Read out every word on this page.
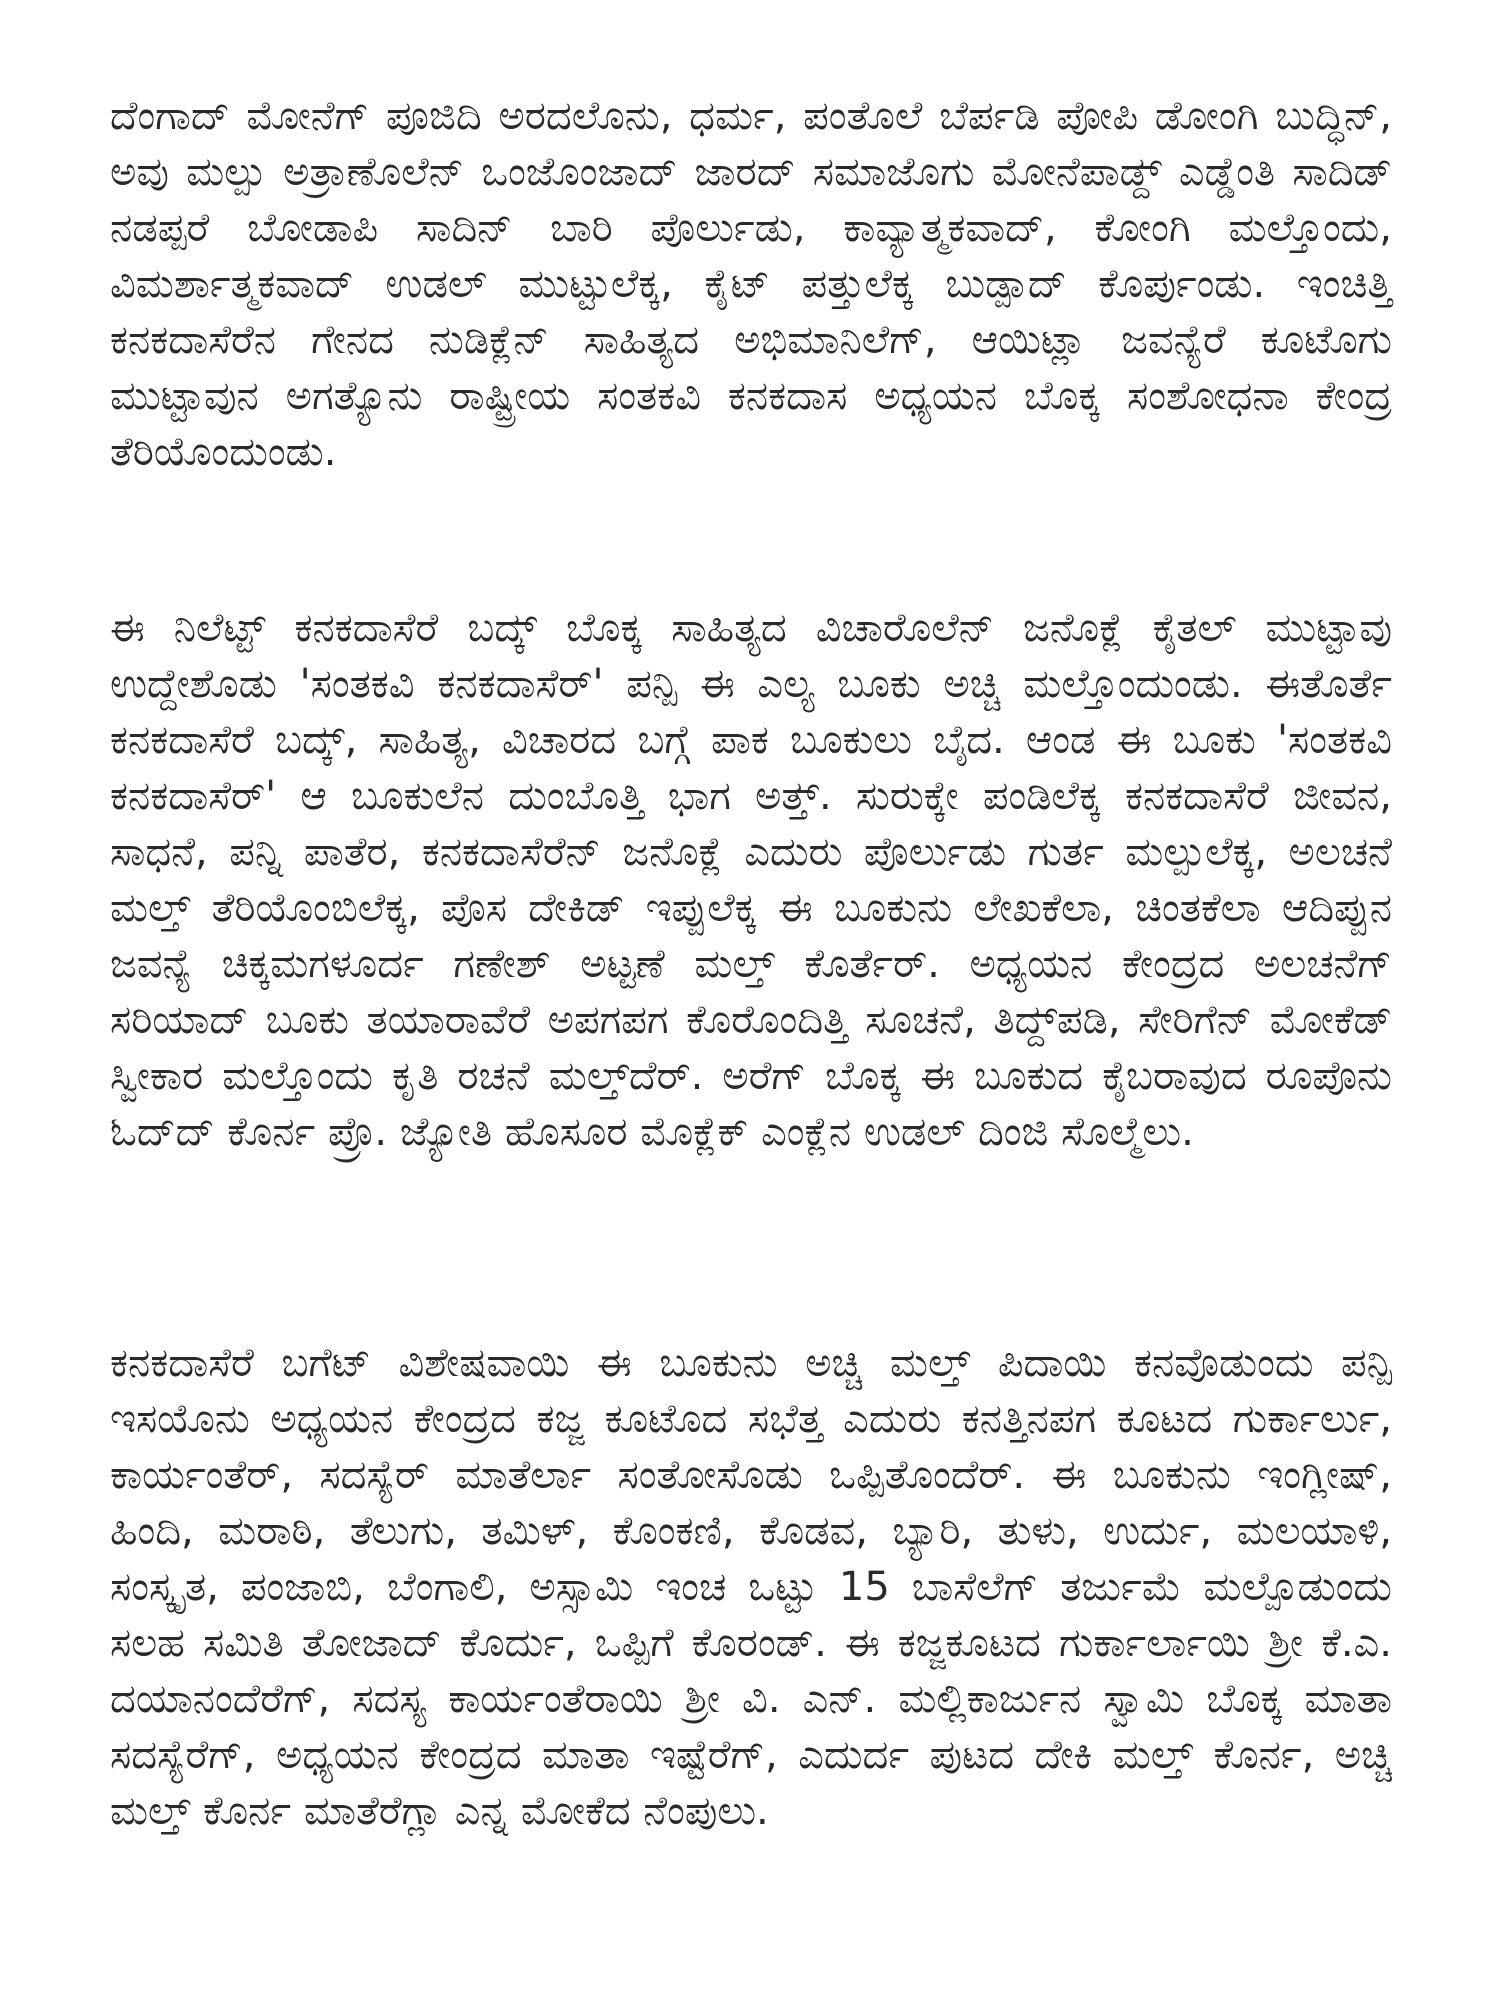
ದೆಂಗಾದ್ ಮೋನೆಗ್ ಪೂಜಿದಿ ಅರದಲೊನು, ಧರ್ಮ, ಪಂತೊಲೆ ಬೆರ್ಪಡಿ ಪೋಪಿ ಡೋಂಗಿ ಬುದ್ಧಿನ್, ಅವು ಮಲ್ಪು ಅತ್ರಾಣೊಲೆನ್ ಒಂಜೊಂಜಾದ್ ಜಾರದ್ ಸಮಾಜೊಗು ಮೋನೆಪಾಡ್ದ್ ಎಡ್ಡೆಂತಿ ಸಾದಿಡ್ ನಡಪ್ಪರೆ ಬೋಡಾಪಿ ಸಾದಿನ್ ಬಾರಿ ಪೊರ್ಲುಡು, ಕಾವ್ಯಾತ್ಮಕವಾದ್, ಕೋಂಗಿ ಮಲ್ತೊಂದು, ವಿಮರ್ಶಾತ್ಮಕವಾದ್ ಉಡಲ್ ಮುಟ್ಟುಲೆಕ್ಕ, ಕೈಟ್ ಪತ್ತುಲೆಕ್ಕ ಬುಡ್ಪಾದ್ ಕೊರ್ಪುಂಡು. ಇಂಚಿತ್ತಿ ಕನಕದಾಸೆರೆನ ಗೇನದ ನುಡಿಕ್ಲೆನ್ ಸಾಹಿತ್ಯದ ಅಭಿಮಾನಿಲೆಗ್, ಆಯಿಟ್ಲಾ ಜವನ್ಯೆರೆ ಕೂಟೊಗು ಮುಟ್ಟಾವುನ ಅಗತ್ಯೊನು ರಾಷ್ಟ್ರೀಯ ಸಂತಕವಿ ಕನಕದಾಸ ಅಧ್ಯಯನ ಬೊಕ್ಕ ಸಂಶೋಧನಾ ಕೇಂದ್ರ ತೆರಿಯೊಂದುಂಡು.

ಈ ನಿಲೆಟ್ಟ್ ಕನಕದಾಸೆರೆ ಬದ್ಕ್ ಬೊಕ್ಕ ಸಾಹಿತ್ಯದ ವಿಚಾರೊಲೆನ್ ಜನೊಕ್ಲೆ ಕೈತಲ್ ಮುಟ್ಟಾವು ಉದ್ದೇಶೊಡು 'ಸಂತಕವಿ ಕನಕದಾಸೆರ್' ಪನ್ಪಿ ಈ ಎಲ್ಯ ಬೂಕು ಅಚ್ಚಿ ಮಲ್ತೊಂದುಂಡು. ಈತೊರ್ತೆ ಕನಕದಾಸೆರೆ ಬದ್ಕ್, ಸಾಹಿತ್ಯ, ವಿಚಾರದ ಬಗ್ಗೆ ಪಾಕ ಬೂಕುಲು ಬೈದ. ಆಂಡ ಈ ಬೂಕು 'ಸಂತಕವಿ ಕನಕದಾಸೆರ್' ಆ ಬೂಕುಲೆನ ದುಂಬೊತ್ತಿ ಭಾಗ ಅತ್ತ್. ಸುರುಕ್ಕೇ ಪಂಡಿಲೆಕ್ಕ ಕನಕದಾಸೆರೆ ಜೀವನ, ಸಾಧನೆ, ಪನ್ನಿ ಪಾತೆರ, ಕನಕದಾಸೆರೆನ್ ಜನೊಕ್ಲೆ ಎದುರು ಪೊರ್ಲುಡು ಗುರ್ತ ಮಲ್ಪುಲೆಕ್ಕ, ಅಲಚನೆ ಮಲ್ತ್ ತೆರಿಯೊಂಬಿಲೆಕ್ಕ, ಪೊಸ ದೇಕಿಡ್ ಇಪ್ಪುಲೆಕ್ಕ ಈ ಬೂಕುನು ಲೇಖಕೆಲಾ, ಚಿಂತಕೆಲಾ ಆದಿಪ್ಪುನ ಜವನ್ಯೆ ಚಿಕ್ಕಮಗಳೂರ್ದ ಗಣೇಶ್ ಅಟ್ಟಣೆ ಮಲ್ತ್ ಕೊರ್ತೆರ್. ಅಧ್ಯಯನ ಕೇಂದ್ರದ ಅಲಚನೆಗ್ ಸರಿಯಾದ್ ಬೂಕು ತಯಾರಾವೆರೆ ಅಪಗಪಗ ಕೊರೊಂದಿತ್ತಿ ಸೂಚನೆ, ತಿದ್ದ್‌ಪಡಿ, ಸೇರಿಗೆನ್ ಮೋಕೆಡ್ ಸ್ವೀಕಾರ ಮಲ್ತೊಂದು ಕೃತಿ ರಚನೆ ಮಲ್ತ್‌ದೆರ್. ಅರೆಗ್ ಬೊಕ್ಕ ಈ ಬೂಕುದ ಕೈಬರಾವುದ ರೂಪೊನು ಓದ್‌ದ್ ಕೊರ್ನ ಪ್ರೊ. ಜ್ಯೋತಿ ಹೊಸೂರ ಮೊಕ್ಲೆಕ್ ಎಂಕ್ಲೆನ ಉಡಲ್ ದಿಂಜಿ ಸೊಲ್ಮೆಲು.

ಕನಕದಾಸೆರೆ ಬಗೆಟ್ ವಿಶೇಷವಾಯಿ ಈ ಬೂಕುನು ಅಚ್ಚಿ ಮಲ್ತ್ ಪಿದಾಯಿ ಕನವೊಡುಂದು ಪನ್ಪಿ ಇಸಯೊನು ಅಧ್ಯಯನ ಕೇಂದ್ರದ ಕಜ್ಜ ಕೂಟೊದ ಸಭೆತ್ತ ಎದುರು ಕನತ್ತಿನಪಗ ಕೂಟದ ಗುರ್ಕಾರ್ಲು, ಕಾರ್ಯಂತೆರ್, ಸದಸ್ಯೆರ್ ಮಾತೆರ್ಲಾ ಸಂತೋಸೊಡು ಒಪ್ಪಿತೊಂದೆರ್. ಈ ಬೂಕುನು ಇಂಗ್ಲೀಷ್, ಹಿಂದಿ, ಮರಾಠಿ, ತೆಲುಗು, ತಮಿಳ್, ಕೊಂಕಣಿ, ಕೊಡವ, ಬ್ಯಾರಿ, ತುಳು, ಉರ್ದು, ಮಲಯಾಳಿ, ಸಂಸ್ಕೃತ, ಪಂಜಾಬಿ, ಬೆಂಗಾಲಿ, ಅಸ್ಸಾಮಿ ಇಂಚ ಒಟ್ಟು 15 ಬಾಸೆಲೆಗ್ ತರ್ಜುಮೆ ಮಲ್ಪೊಡುಂದು ಸಲಹ ಸಮಿತಿ ತೋಜಾದ್ ಕೊರ್ದು, ಒಪ್ಪಿಗೆ ಕೊರಂಡ್. ಈ ಕಜ್ಜಕೂಟದ ಗುರ್ಕಾರ್ಲಾಯಿ ಶ್ರೀ ಕೆ.ಎ. ದಯಾನಂದೆರೆಗ್, ಸದಸ್ಯ ಕಾರ್ಯಂತೆರಾಯಿ ಶ್ರೀ ವಿ. ಎನ್. ಮಲ್ಲಿಕಾರ್ಜುನ ಸ್ವಾಮಿ ಬೊಕ್ಕ ಮಾತಾ ಸದಸ್ಯೆರೆಗ್, ಅಧ್ಯಯನ ಕೇಂದ್ರದ ಮಾತಾ ಇಷ್ಟೆರೆಗ್, ಎದುರ್ದ ಪುಟದ ದೇಕಿ ಮಲ್ತ್ ಕೊರ್ನ, ಅಚ್ಚಿ ಮಲ್ತ್ ಕೊರ್ನ ಮಾತೆರೆಗ್ಲಾ ಎನ್ನ ಮೋಕೆದ ನೆಂಪುಲು.
